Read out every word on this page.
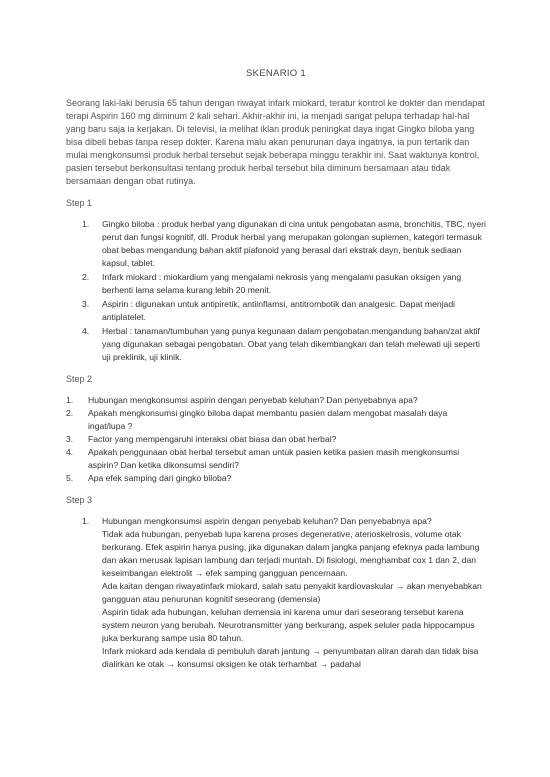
SKENARIO 1

Seorang laki-laki berusia 65 tahun dengan riwayat infark miokard, teratur kontrol ke dokter dan mendapat terapi Aspirin 160 mg diminum 2 kali sehari. Akhir-akhir ini, ia menjadi sangat pelupa terhadap hal-hal yang baru saja ia kerjakan. Di televisi, ia melihat iklan produk peningkat daya ingat Gingko biloba yang bisa dibeli bebas tanpa resep dokter. Karena malu akan penurunan daya ingatnya, ia pun tertarik dan mulai mengkonsumsi produk herbal tersebut sejak beberapa minggu terakhir ini. Saat waktunya kontrol, pasien tersebut berkonsultasi tentang produk herbal tersebut bila diminum bersamaan atau tidak bersamaan dengan obat rutinya.

Step 1
1. Gingko biloba : produk herbal yang digunakan di cina untuk pengobatan asma, bronchitis, TBC, nyeri perut dan fungsi kognitif, dll. Produk herbal yang merupakan golongan suplemen, kategori termasuk obat bebas mengandung bahan aktif piafonoid yang berasal dari ekstrak dayn, bentuk sediaan kapsul, tablet.
2. Infark miokard : miokardium yang mengalami nekrosis yang mengalami pasukan oksigen yang berhenti lama selama kurang lebih 20 menit.
3. Aspirin : digunakan untuk antipiretik, antiinflamsi, antitrombotik dan analgesic. Dapat menjadi antiplatelet.
4. Herbal : tanaman/tumbuhan yang punya kegunaan dalam pengobatan.mengandung bahan/zat aktif yang digunakan sebagai pengobatan. Obat yang telah dikembangkan dan telah melewati uji seperti uji preklinik, uji klinik.
Step 2
1. Hubungan mengkonsumsi aspirin dengan penyebab keluhan? Dan penyebabnya apa?
2. Apakah mengkonsumsi gingko biloba dapat membantu pasien dalam mengobat masalah daya ingat/lupa ?
3. Factor yang mempengaruhi interaksi obat biasa dan obat herbal?
4. Apakah penggunaan obat herbal tersebut aman untuk pasien ketika pasien masih mengkonsumsi aspirin? Dan ketika dikonsumsi sendiri?
5. Apa efek samping dari gingko biloba?
Step 3
1. Hubungan mengkonsumsi aspirin dengan penyebab keluhan? Dan penyebabnya apa?
Tidak ada hubungan, penyebab lupa karena proses degenerative, aterioskelrosis, volume otak berkurang. Efek aspirin hanya pusing, jika digunakan dalam jangka panjang efeknya pada lambung dan akan merusak lapisan lambung dan terjadi muntah. Di fisiologi, menghambat cox 1 dan 2, dan keseimbangan elektrolit → efek samping gangguan pencernaan.
Ada kaitan dengan riwayatinfark miokard, salah satu penyakit kardiovaskular → akan menyebabkan gangguan atau penurunan kognitif seseorang (demensia)
Aspirin tidak ada hubungan, keluhan demensia ini karena umur dari seseorang tersebut karena system neuron yang berubah. Neurotransmitter yang berkurang, aspek seluler pada hippocampus juka berkurang sampe usia 80 tahun.
Infark miokard ada kendala di pembuluh darah jantung → penyumbatan aliran darah dan tidak bisa dialirkan ke otak → konsumsi oksigen ke otak terhambat → padahal
